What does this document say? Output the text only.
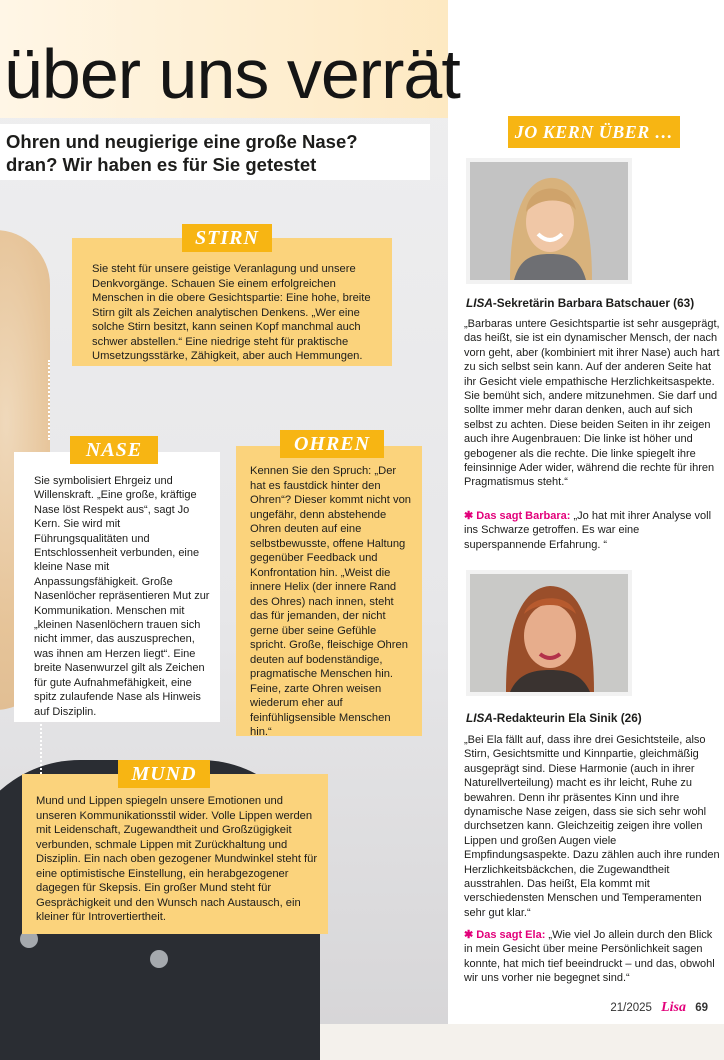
über uns verrät
Ohren und neugierige eine große Nase?
dran? Wir haben es für Sie getestet
Sie steht für unsere geistige Veranlagung und unsere Denkvorgänge. Schauen Sie einem erfolgreichen Menschen in die obere Gesichtspartie: Eine hohe, breite Stirn gilt als Zeichen analytischen Denkens. „Wer eine solche Stirn besitzt, kann seinen Kopf manchmal auch schwer abstellen.“ Eine niedrige steht für praktische Umsetzungsstärke, Zähigkeit, aber auch Hemmungen.
STIRN
Sie symbolisiert Ehrgeiz und Willenskraft. „Eine große, kräftige Nase löst Respekt aus“, sagt Jo Kern. Sie wird mit Führungsqualitäten und Entschlossenheit verbunden, eine kleine Nase mit Anpassungsfähigkeit. Große Nasenlöcher repräsentieren Mut zur Kommunikation. Menschen mit „kleinen Nasenlöchern trauen sich nicht immer, das auszusprechen, was ihnen am Herzen liegt“. Eine breite Nasenwurzel gilt als Zeichen für gute Aufnahmefähigkeit, eine spitz zulaufende Nase als Hinweis auf Disziplin.
NASE
Kennen Sie den Spruch: „Der hat es faustdick hinter den Ohren“? Dieser kommt nicht von ungefähr, denn abstehende Ohren deuten auf eine selbstbewusste, offene Haltung gegenüber Feedback und Konfrontation hin. „Weist die innere Helix (der innere Rand des Ohres) nach innen, steht das für jemanden, der nicht gerne über seine Gefühle spricht. Große, fleischige Ohren deuten auf bodenständige, pragmatische Menschen hin. Feine, zarte Ohren weisen wiederum eher auf feinfühligsensible Menschen hin.“
OHREN
Mund und Lippen spiegeln unsere Emotionen und unseren Kommunikationsstil wider. Volle Lippen werden mit Leidenschaft, Zugewandtheit und Großzügigkeit verbunden, schmale Lippen mit Zurückhaltung und Disziplin. Ein nach oben gezogener Mundwinkel steht für eine optimistische Einstellung, ein herabgezogener dagegen für Skepsis. Ein großer Mund steht für Gesprächigkeit und den Wunsch nach Austausch, ein kleiner für Introvertiertheit.
MUND
JO KERN ÜBER …
LISA-Sekretärin Barbara Batschauer (63)
„Barbaras untere Gesichtspartie ist sehr ausgeprägt, das heißt, sie ist ein dynamischer Mensch, der nach vorn geht, aber (kombiniert mit ihrer Nase) auch hart zu sich selbst sein kann. Auf der anderen Seite hat ihr Gesicht viele empathische Herzlichkeitsaspekte. Sie bemüht sich, andere mitzunehmen. Sie darf und sollte immer mehr daran denken, auch auf sich selbst zu achten. Diese beiden Seiten in ihr zeigen auch ihre Augenbrauen: Die linke ist höher und gebogener als die rechte. Die linke spiegelt ihre feinsinnige Ader wider, während die rechte für ihren Pragmatismus steht.“
✱ Das sagt Barbara: „Jo hat mit ihrer Analyse voll ins Schwarze getroffen. Es war eine superspannende Erfahrung. “
LISA-Redakteurin Ela Sinik (26)
„Bei Ela fällt auf, dass ihre drei Gesichtsteile, also Stirn, Gesichtsmitte und Kinnpartie, gleichmäßig ausgeprägt sind. Diese Harmonie (auch in ihrer Naturellverteilung) macht es ihr leicht, Ruhe zu bewahren. Denn ihr präsentes Kinn und ihre dynamische Nase zeigen, dass sie sich sehr wohl durchsetzen kann. Gleichzeitig zeigen ihre vollen Lippen und großen Augen viele Empfindungsaspekte. Dazu zählen auch ihre runden Herzlichkeitsbäckchen, die Zugewandtheit ausstrahlen. Das heißt, Ela kommt mit verschiedensten Menschen und Temperamenten sehr gut klar.“
✱ Das sagt Ela: „Wie viel Jo allein durch den Blick in mein Gesicht über meine Persönlichkeit sagen konnte, hat mich tief beeindruckt – und das, obwohl wir uns vorher nie begegnet sind.“
21/2025 Lisa 69
